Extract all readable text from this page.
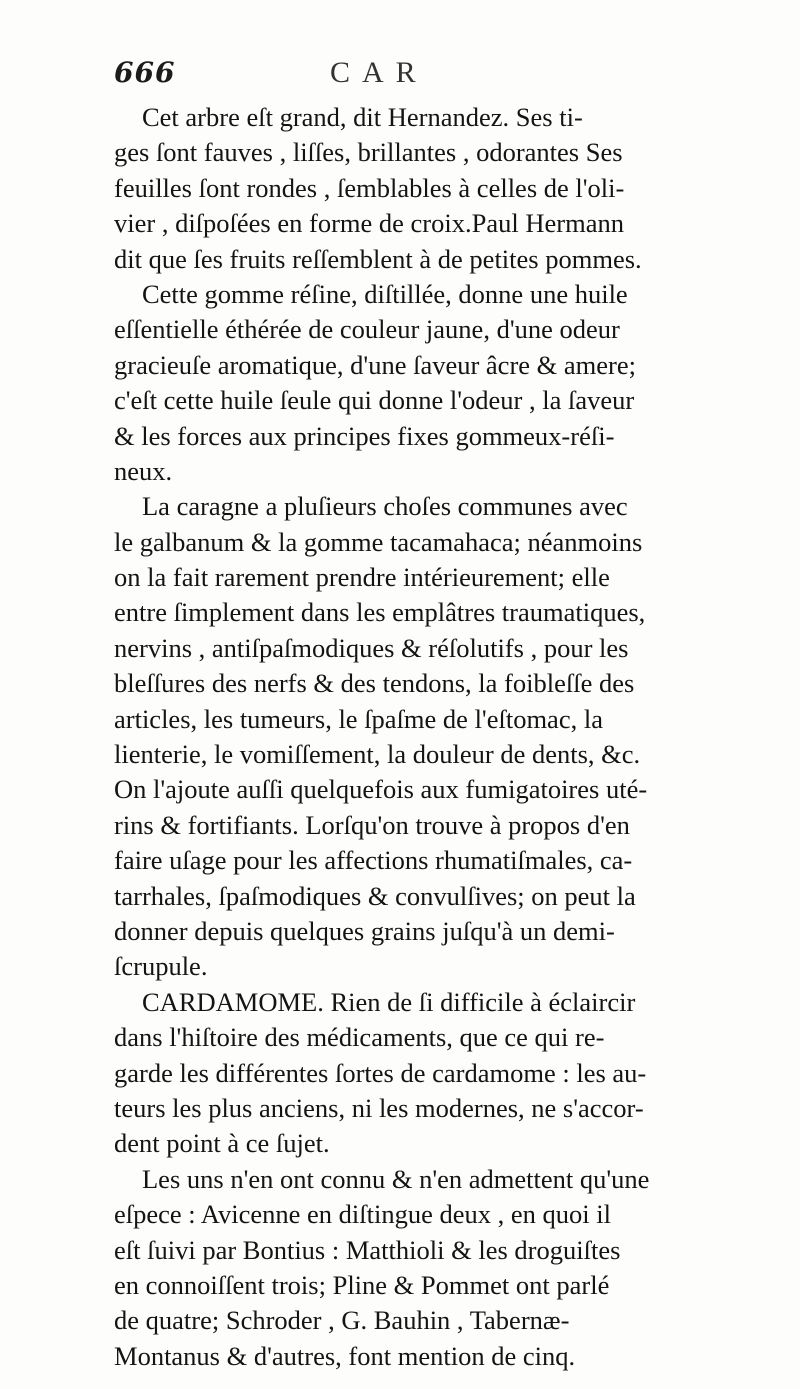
666	CAR
Cet arbre eſt grand, dit Hernandez. Ses ti-
ges ſont fauves , liſſes, brillantes , odorantes Ses
feuilles ſont rondes , ſemblables à celles de l'oli-
vier , diſpoſées en forme de croix.Paul Hermann
dit que ſes fruits reſſemblent à de petites pommes.
Cette gomme réſine, diſtillée, donne une huile
eſſentielle éthérée de couleur jaune, d'une odeur
gracieuſe aromatique, d'une ſaveur âcre & amere;
c'eſt cette huile ſeule qui donne l'odeur , la ſaveur
& les forces aux principes fixes gommeux-réſi-
neux.
La caragne a pluſieurs choſes communes avec
le galbanum & la gomme tacamahaca; néanmoins
on la fait rarement prendre intérieurement; elle
entre ſimplement dans les emplâtres traumatiques,
nervins , antiſpaſmodiques & réſolutifs , pour les
bleſſures des nerfs & des tendons, la foibleſſe des
articles, les tumeurs, le ſpaſme de l'eſtomac, la
lienterie, le vomiſſement, la douleur de dents, &c.
On l'ajoute auſſi quelquefois aux fumigatoires uté-
rins & fortifiants. Lorſqu'on trouve à propos d'en
faire uſage pour les affections rhumatiſmales, ca-
tarrhales, ſpaſmodiques & convulſives; on peut la
donner depuis quelques grains juſqu'à un demi-
ſcrupule.
CARDAMOME. Rien de ſi difficile à éclaircir
dans l'hiſtoire des médicaments, que ce qui re-
garde les différentes ſortes de cardamome : les au-
teurs les plus anciens, ni les modernes, ne s'accor-
dent point à ce ſujet.
Les uns n'en ont connu & n'en admettent qu'une
eſpece : Avicenne en diſtingue deux , en quoi il
eſt ſuivi par Bontius : Matthioli & les droguiſtes
en connoiſſent trois; Pline & Pommet ont parlé
de quatre; Schroder , G. Bauhin , Tabernæ-
Montanus & d'autres, font mention de cinq.
